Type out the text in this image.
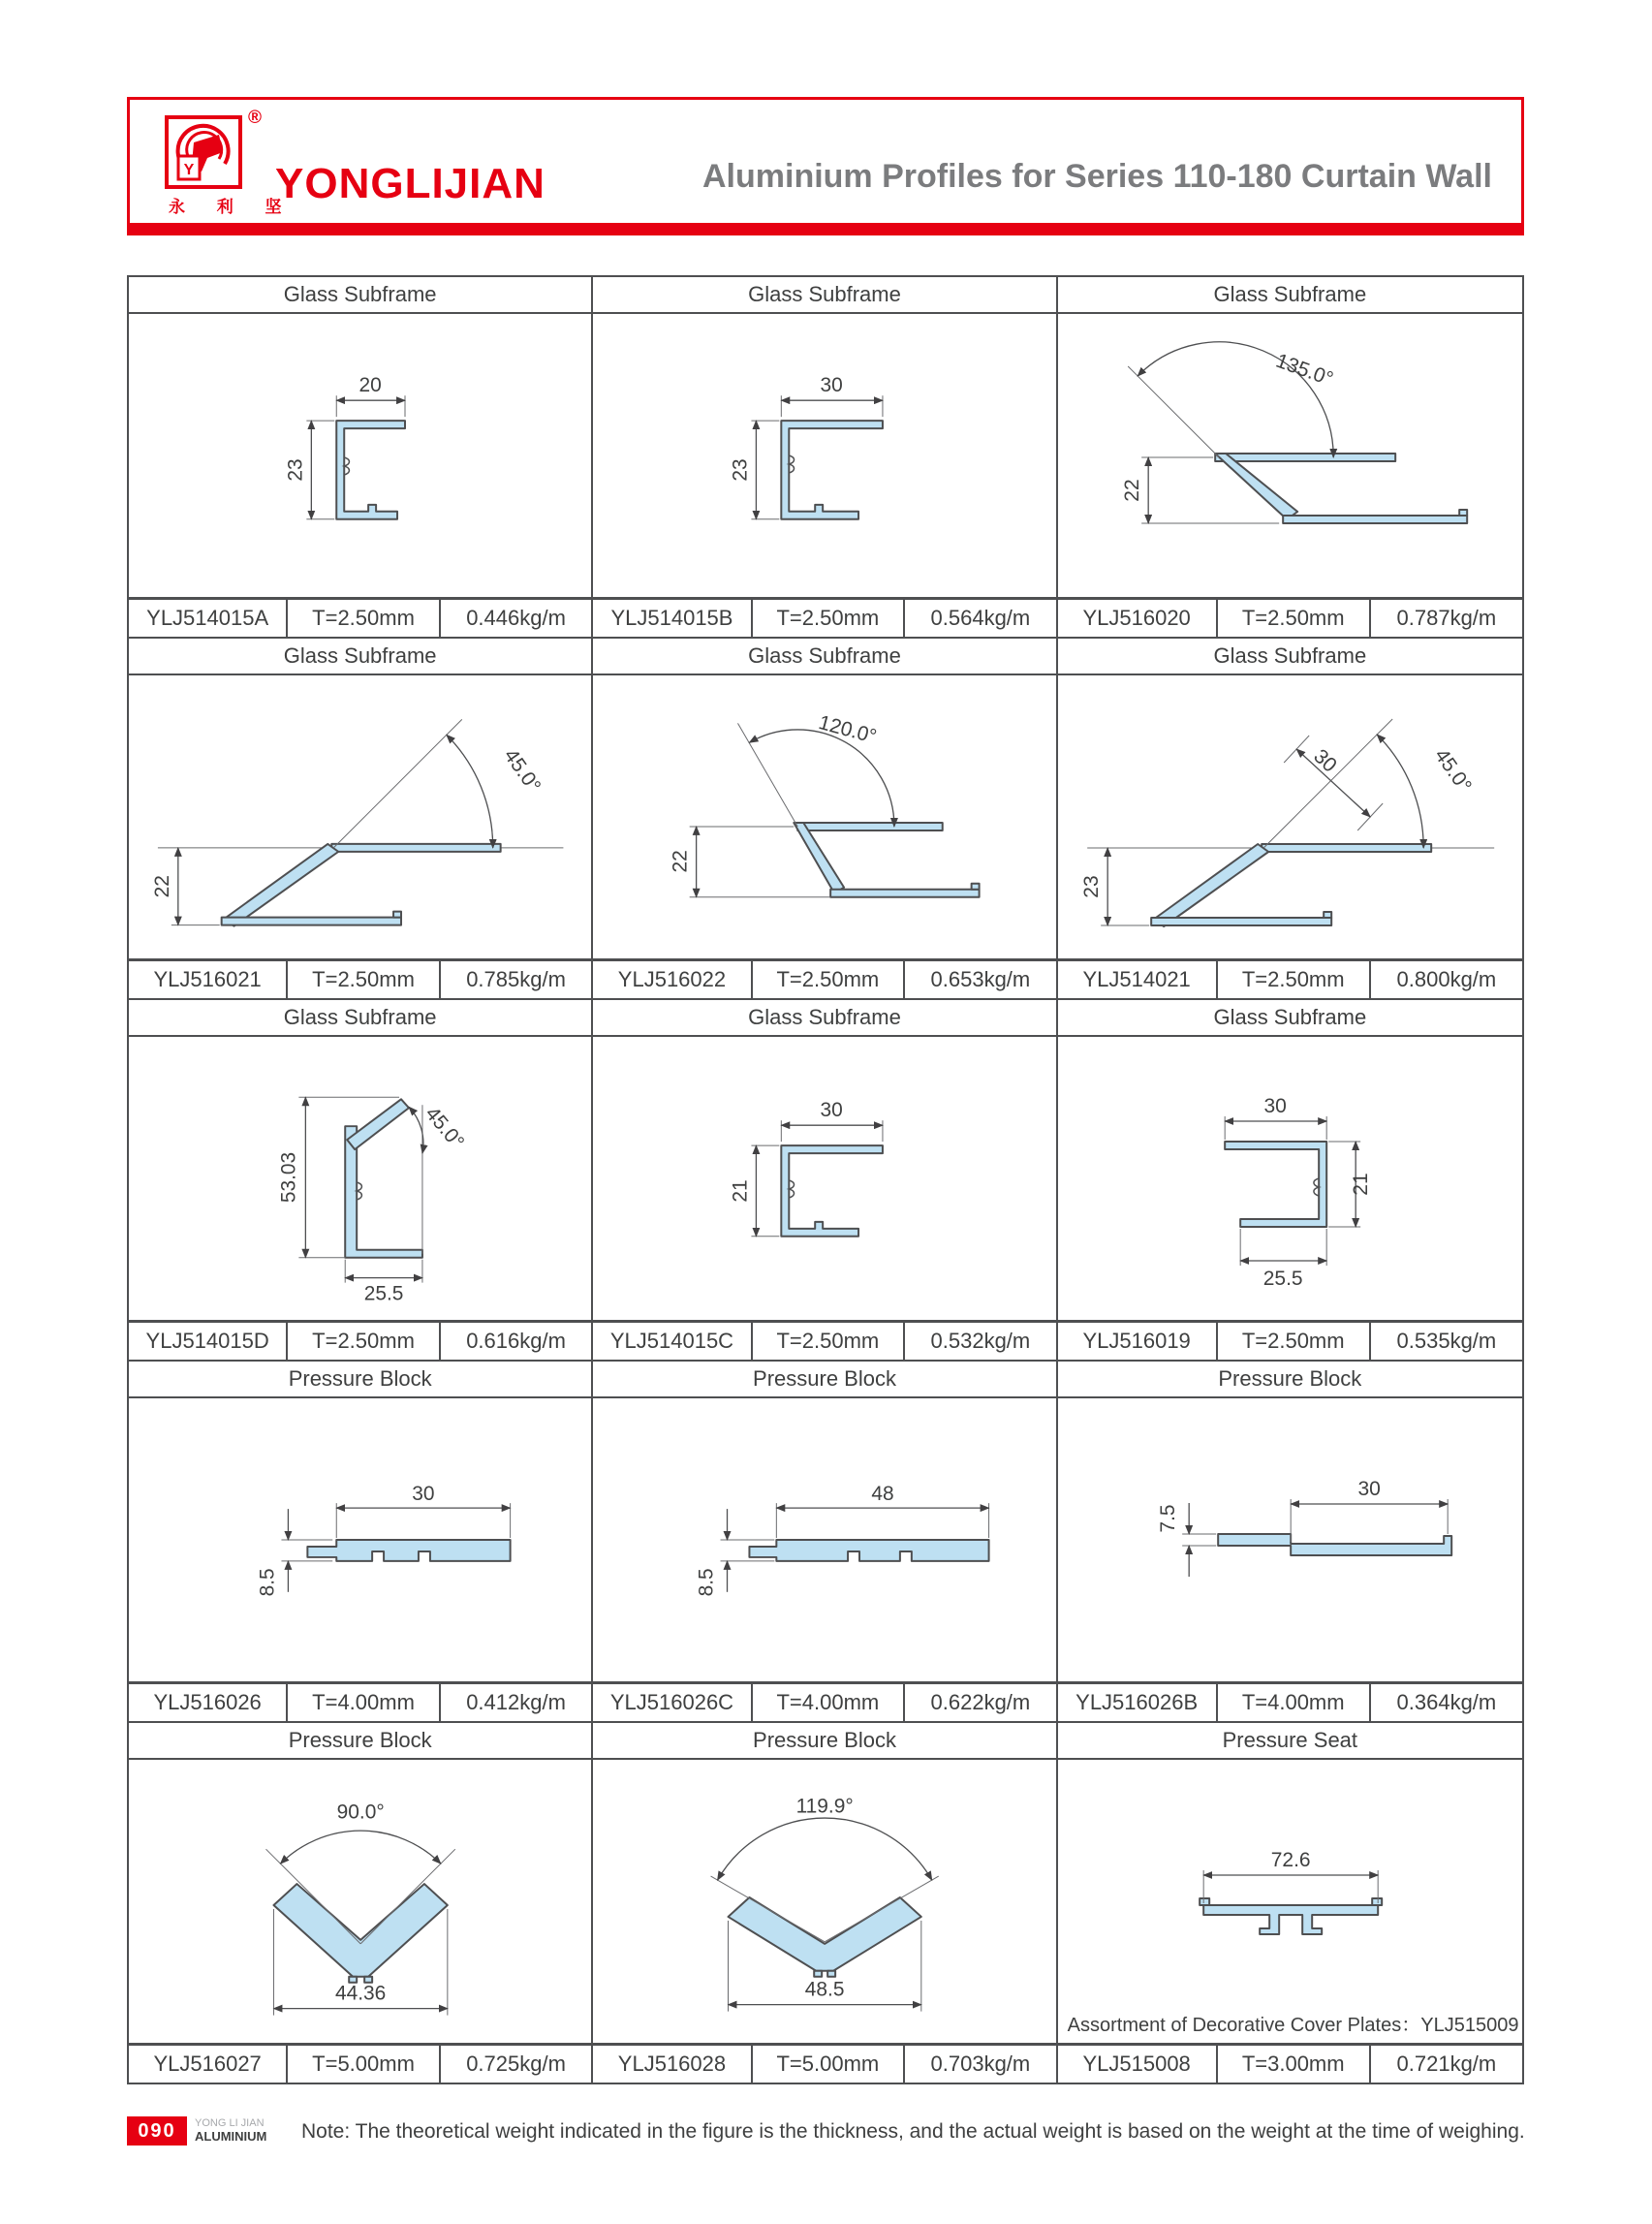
Y
®
YONGLIJIAN
永 利 坚
Aluminium Profiles for Series 110-180 Curtain Wall
Glass Subframe
20
23
YLJ514015A	T=2.50mm	0.446kg/m
Glass Subframe
30
23
YLJ514015B	T=2.50mm	0.564kg/m
Glass Subframe
135.0°
22
YLJ516020	T=2.50mm	0.787kg/m
Glass Subframe
45.0°
22
YLJ516021	T=2.50mm	0.785kg/m
Glass Subframe
120.0°
22
YLJ516022	T=2.50mm	0.653kg/m
Glass Subframe
45.0°
30
23
YLJ514021	T=2.50mm	0.800kg/m
Glass Subframe
45.0°
53.03
25.5
YLJ514015D	T=2.50mm	0.616kg/m
Glass Subframe
30
21
YLJ514015C	T=2.50mm	0.532kg/m
Glass Subframe
30
21
25.5
YLJ516019	T=2.50mm	0.535kg/m
Pressure Block
30
8.5
YLJ516026	T=4.00mm	0.412kg/m
Pressure Block
48
8.5
YLJ516026C	T=4.00mm	0.622kg/m
Pressure Block
7.5
30
YLJ516026B	T=4.00mm	0.364kg/m
Pressure Block
90.0°
44.36
YLJ516027	T=5.00mm	0.725kg/m
Pressure Block
119.9°
48.5
YLJ516028	T=5.00mm	0.703kg/m
Pressure Seat
72.6
Assortment of Decorative Cover Plates：YLJ515009
YLJ515008	T=3.00mm	0.721kg/m
090	YONG LI JIAN
ALUMINIUM Note: The theoretical weight indicated in the figure is the thickness, and the actual weight is based on the weight at the time of weighing.
